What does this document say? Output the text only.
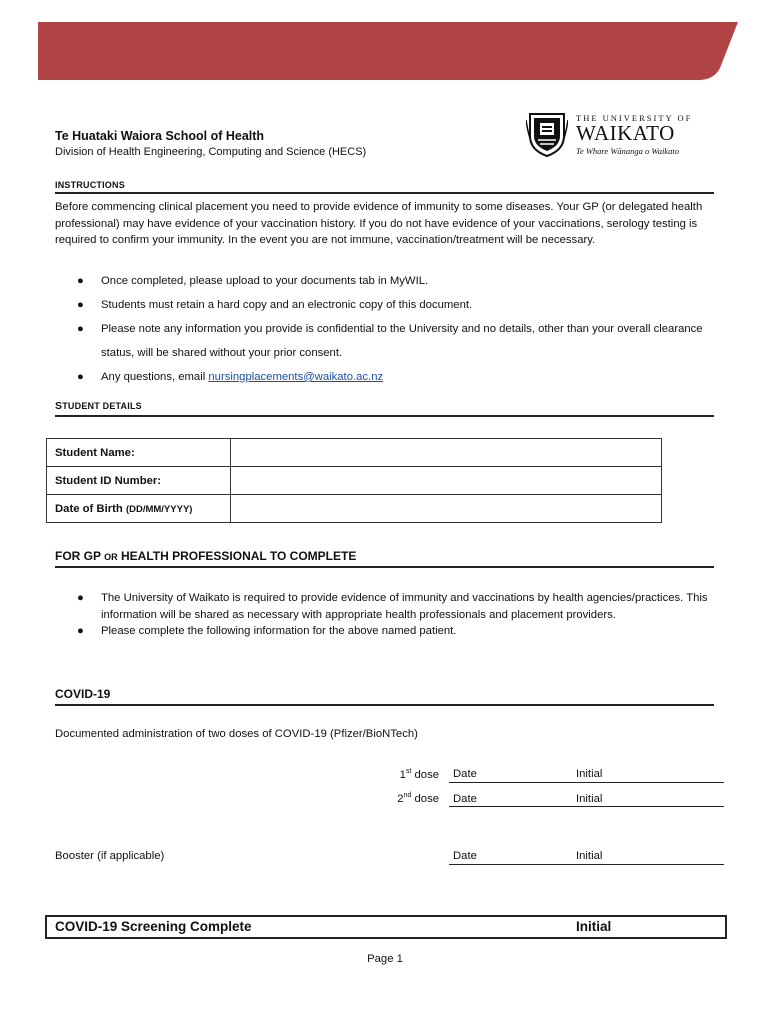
Te Huataki Waiora School of Health
Division of Health Engineering, Computing and Science (HECS)
THE UNIVERSITY OF
WAIKATO
Te Whare Wānanga o Waikato
INSTRUCTIONS
Before commencing clinical placement you need to provide evidence of immunity to some diseases. Your GP (or delegated health professional) may have evidence of your vaccination history. If you do not have evidence of your vaccinations, serology testing is required to confirm your immunity. In the event you are not immune, vaccination/treatment will be necessary.
● Once completed, please upload to your documents tab in MyWIL.
● Students must retain a hard copy and an electronic copy of this document.
● Please note any information you provide is confidential to the University and no details, other than your overall clearance status, will be shared without your prior consent.
● Any questions, email nursingplacements@waikato.ac.nz
STUDENT DETAILS
Student Name:	
Student ID Number:	
Date of Birth (DD/MM/YYYY)	
FOR GP OR HEALTH PROFESSIONAL TO COMPLETE
● The University of Waikato is required to provide evidence of immunity and vaccinations by health agencies/practices. This information will be shared as necessary with appropriate health professionals and placement providers.
● Please complete the following information for the above named patient.
COVID-19
Documented administration of two doses of COVID-19 (Pfizer/BioNTech)
1st dose Date	Initial
2nd dose Date	Initial
Booster (if applicable)	Date	Initial
COVID-19 Screening Complete	Initial
Page 1
